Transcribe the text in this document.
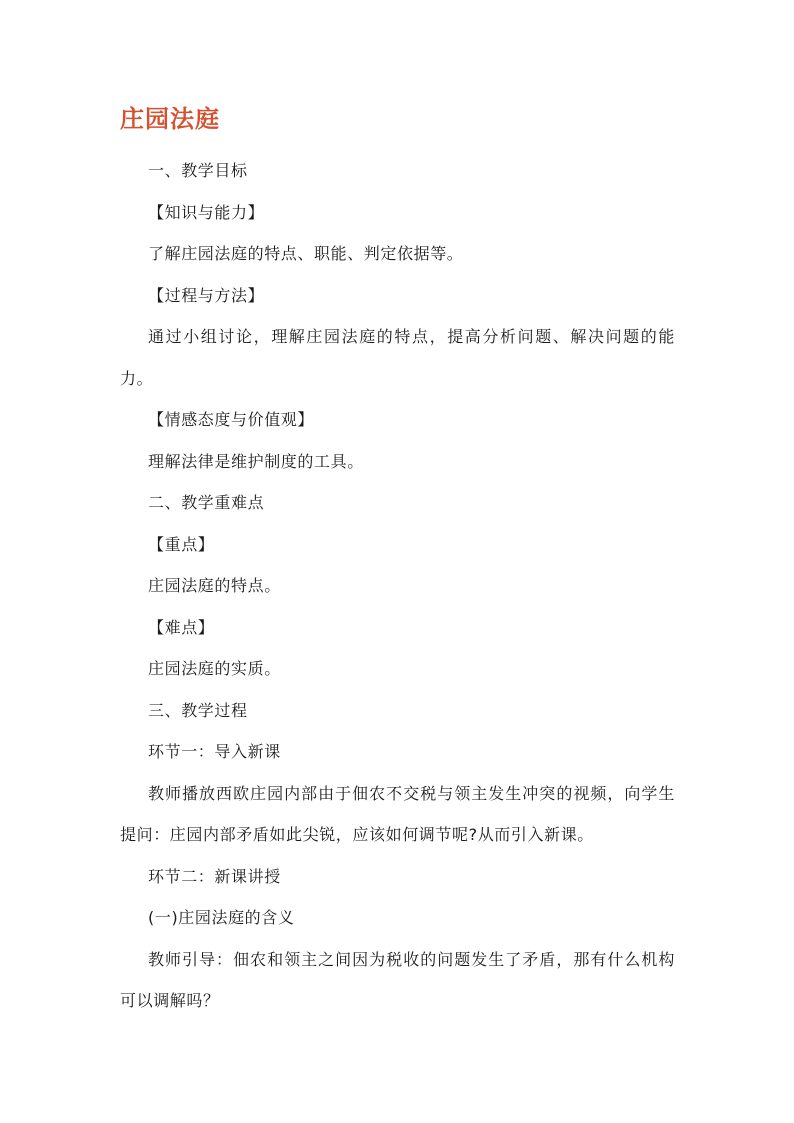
庄园法庭

一、教学目标

【知识与能力】

了解庄园法庭的特点、职能、判定依据等。

【过程与方法】

通过小组讨论，理解庄园法庭的特点，提高分析问题、解决问题的能力。

【情感态度与价值观】

理解法律是维护制度的工具。

二、教学重难点

【重点】

庄园法庭的特点。

【难点】

庄园法庭的实质。

三、教学过程

环节一：导入新课

教师播放西欧庄园内部由于佃农不交税与领主发生冲突的视频，向学生提问：庄园内部矛盾如此尖锐，应该如何调节呢?从而引入新课。

环节二：新课讲授

(一)庄园法庭的含义

教师引导：佃农和领主之间因为税收的问题发生了矛盾，那有什么机构可以调解吗？
